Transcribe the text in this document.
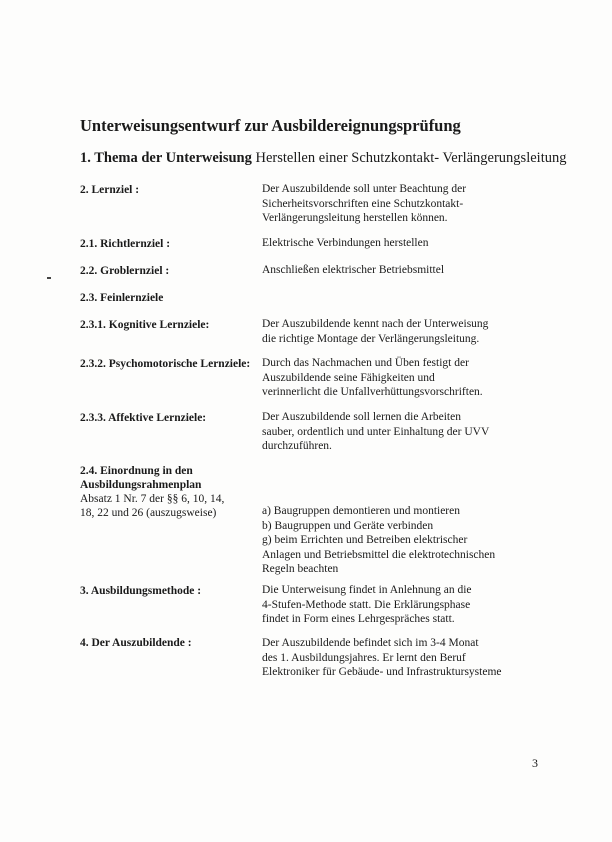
Unterweisungsentwurf zur Ausbildereignungsprüfung
1. Thema der Unterweisung Herstellen einer Schutzkontakt- Verlängerungsleitung
2. Lernziel :	Der Auszubildende soll unter Beachtung der
Sicherheitsvorschriften eine Schutzkontakt-
Verlängerungsleitung herstellen können.
2.1. Richtlernziel :	Elektrische Verbindungen herstellen
2.2. Groblernziel :	Anschließen elektrischer Betriebsmittel
2.3. Feinlernziele
2.3.1. Kognitive Lernziele:	Der Auszubildende kennt nach der Unterweisung
die richtige Montage der Verlängerungsleitung.
2.3.2. Psychomotorische Lernziele: Durch das Nachmachen und Üben festigt der
Auszubildende seine Fähigkeiten und
verinnerlicht die Unfallverhüttungsvorschriften.
2.3.3. Affektive Lernziele:	Der Auszubildende soll lernen die Arbeiten
sauber, ordentlich und unter Einhaltung der UVV
durchzuführen.
2.4. Einordnung in den
Ausbildungsrahmenplan
Absatz 1 Nr. 7 der §§ 6, 10, 14,
18, 22 und 26 (auszugsweise)	a) Baugruppen demontieren und montieren
b) Baugruppen und Geräte verbinden
g) beim Errichten und Betreiben elektrischer
Anlagen und Betriebsmittel die elektrotechnischen
Regeln beachten
3. Ausbildungsmethode :	Die Unterweisung findet in Anlehnung an die
4-Stufen-Methode statt. Die Erklärungsphase
findet in Form eines Lehrgespräches statt.
4. Der Auszubildende :	Der Auszubildende befindet sich im 3-4 Monat
des 1. Ausbildungsjahres. Er lernt den Beruf
Elektroniker für Gebäude- und Infrastruktursysteme
3
